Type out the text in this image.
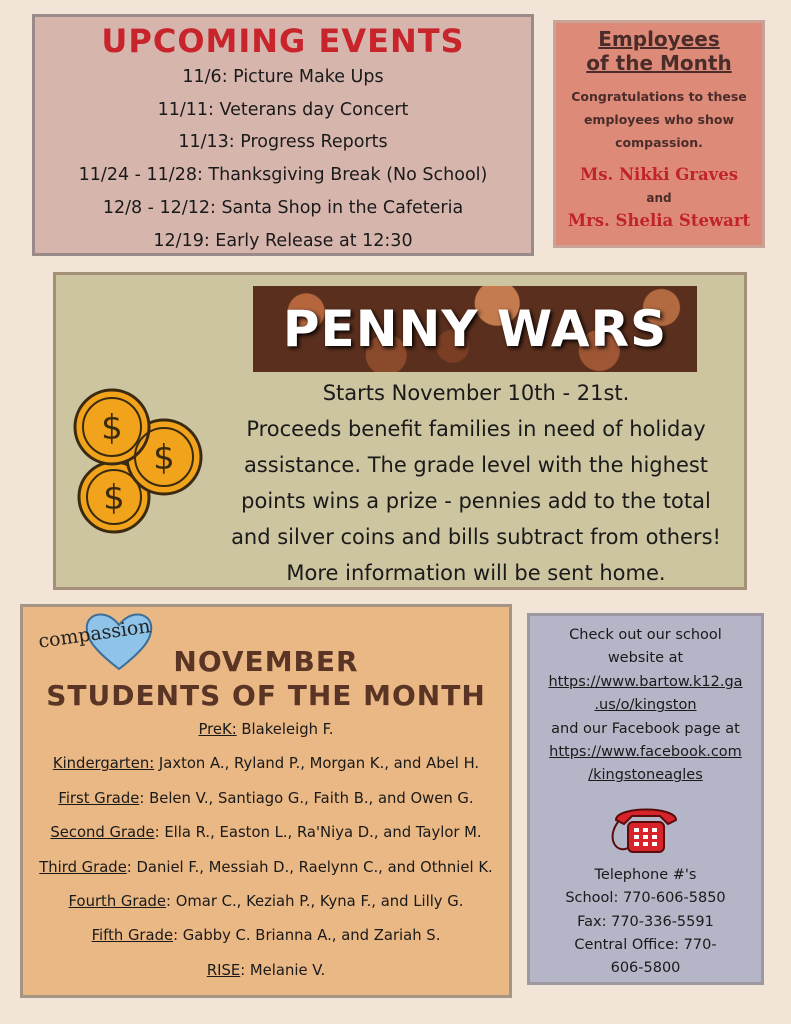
UPCOMING EVENTS
11/6: Picture Make Ups
11/11: Veterans day Concert
11/13: Progress Reports
11/24 - 11/28: Thanksgiving Break (No School)
12/8 - 12/12: Santa Shop in the Cafeteria
12/19: Early Release at 12:30
Employees
of the Month
Congratulations to these
employees who show
compassion.
Ms. Nikki Graves
and
Mrs. Shelia Stewart
PENNY WARS
$
$
$
Starts November 10th - 21st.
Proceeds benefit families in need of holiday
assistance. The grade level with the highest
points wins a prize - pennies add to the total
and silver coins and bills subtract from others!
More information will be sent home.
compassion
NOVEMBER
STUDENTS OF THE MONTH
PreK: Blakeleigh F.
Kindergarten: Jaxton A., Ryland P., Morgan K., and Abel H.
First Grade: Belen V., Santiago G., Faith B., and Owen G.
Second Grade: Ella R., Easton L., Ra'Niya D., and Taylor M.
Third Grade: Daniel F., Messiah D., Raelynn C., and Othniel K.
Fourth Grade: Omar C., Keziah P., Kyna F., and Lilly G.
Fifth Grade: Gabby C. Brianna A., and Zariah S.
RISE: Melanie V.
Check out our school
website at
https://www.bartow.k12.ga
.us/o/kingston
and our Facebook page at
https://www.facebook.com
/kingstoneagles
Telephone #'s
School: 770-606-5850
Fax: 770-336-5591
Central Office: 770-
606-5800
